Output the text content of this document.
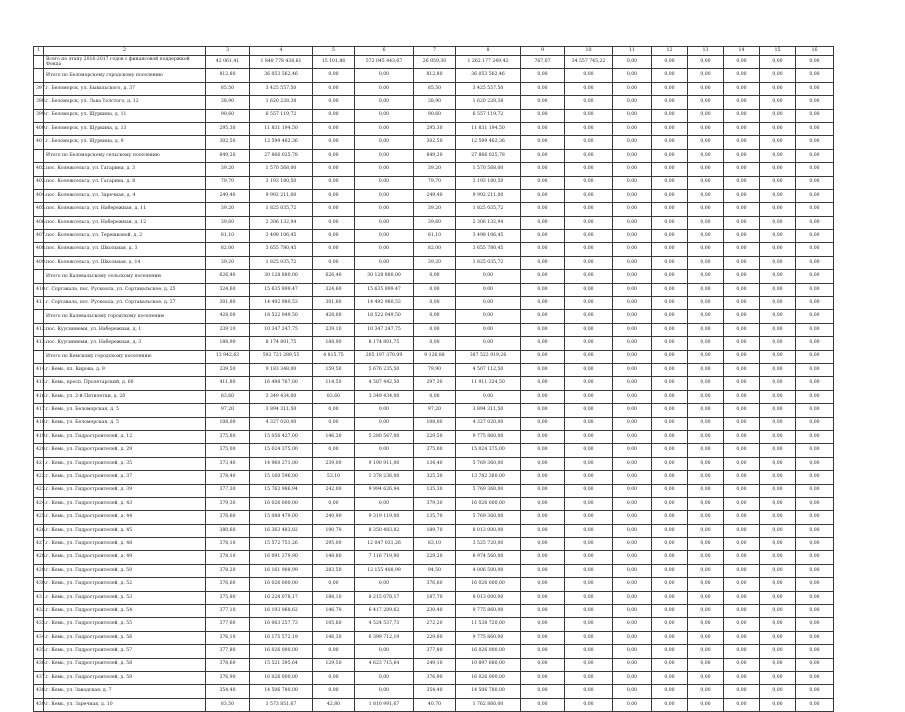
1	2	3	4	5	6	7	8	9	10	11	12	13	14	15	16
	Всего по этапу 2016-2017 годов с финансовой поддержкой Фонда	42 061,41	1 848 778 438,61	15 101,86	572 045 443,67	26 959,30	1 262 177 249,42	767,07	34 557 745,22	0,00	0,00	0,00	0,00	0,00	0,00
	Итого по Беломорскому городскому поселению	812,80	36 053 562,46	0,00	0,00	812,80	36 053 562,46	0,00	0,00	0,00	0,00	0,00	0,00	0,00	0,00
397.	г. Беломорск, ул. Бывальского, д. 37	85,50	3 425 557,50	0,00	0,00	85,50	3 425 557,50	0,00	0,00	0,00	0,00	0,00	0,00	0,00	0,00
398.	г. Беломорск, ул. Льва Толстого, д. 12	38,90	1 620 228,38	0,00	0,00	38,90	1 620 228,38	0,00	0,00	0,00	0,00	0,00	0,00	0,00	0,00
399.	г. Беломорск, ул. Щуркина, д. 11	90,60	6 557 119,72	0,00	0,00	90,60	6 557 119,72	0,00	0,00	0,00	0,00	0,00	0,00	0,00	0,00
400.	г. Беломорск, ул. Щуркина, д. 13	295,30	11 831 194,50	0,00	0,00	295,30	11 831 194,50	0,00	0,00	0,00	0,00	0,00	0,00	0,00	0,00
401.	г. Беломорск, ул. Щуркина, д. 9	302,50	12 599 462,36	0,00	0,00	302,50	12 599 462,36	0,00	0,00	0,00	0,00	0,00	0,00	0,00	0,00
	Итого по Беломорскому сельскому поселению	649,20	27 866 025,78	0,00	0,00	649,20	27 866 025,78	0,00	0,00	0,00	0,00	0,00	0,00	0,00	0,00
402.	пос. Колежсельга, ул. Гагарина, д. 3	39,20	1 570 568,00	0,00	0,00	39,20	1 570 568,00	0,00	0,00	0,00	0,00	0,00	0,00	0,00	0,00
403.	пос. Колежсельга, ул. Гагарина, д. 8	79,70	3 193 180,50	0,00	0,00	79,70	3 193 180,50	0,00	0,00	0,00	0,00	0,00	0,00	0,00	0,00
404.	пос. Колежсельга, ул. Заречная, д. 4	249,40	9 992 211,00	0,00	0,00	249,40	9 992 211,00	0,00	0,00	0,00	0,00	0,00	0,00	0,00	0,00
405.	пос. Колежсельга, ул. Набережная, д. 11	39,20	1 825 035,72	0,00	0,00	39,20	1 825 035,72	0,00	0,00	0,00	0,00	0,00	0,00	0,00	0,00
406.	пос. Колежсельга, ул. Набережная, д. 12	39,60	2 306 132,94	0,00	0,00	39,60	2 306 132,94	0,00	0,00	0,00	0,00	0,00	0,00	0,00	0,00
407.	пос. Колежсельга, ул. Терешковой, д. 2	81,10	3 498 106,45	0,00	0,00	81,10	3 498 106,45	0,00	0,00	0,00	0,00	0,00	0,00	0,00	0,00
408.	пос. Колежсельга, ул. Школьная, д. 3	82,00	3 655 780,45	0,00	0,00	82,00	3 655 780,45	0,00	0,00	0,00	0,00	0,00	0,00	0,00	0,00
409.	пос. Колежсельга, ул. Школьная, д. 14	39,20	1 825 035,72	0,00	0,00	39,20	1 825 035,72	0,00	0,00	0,00	0,00	0,00	0,00	0,00	0,00
	Итого по Калевальскому сельскому поселению	626,40	30 128 880,00	626,40	30 128 880,00	0,00	0,00	0,00	0,00	0,00	0,00	0,00	0,00	0,00	0,00
410.	г. Сортавала, пос. Рускеала, ул. Сортавальское, д. 25	324,60	15 635 899,47	324,60	15 635 899,47	0,00	0,00	0,00	0,00	0,00	0,00	0,00	0,00	0,00	0,00
411.	г. Сортавала, пос. Рускеала, ул. Сортавальское, д. 27	301,80	14 492 980,53	301,80	14 492 980,53	0,00	0,00	0,00	0,00	0,00	0,00	0,00	0,00	0,00	0,00
	Итого по Калевальскому городскому поселению	428,00	18 522 049,50	428,00	18 522 049,50	0,00	0,00	0,00	0,00	0,00	0,00	0,00	0,00	0,00	0,00
412.	пос. Куусиниеми, ул. Набережная, д. 1	239,10	10 347 247,75	239,10	10 347 247,75	0,00	0,00	0,00	0,00	0,00	0,00	0,00	0,00	0,00	0,00
413.	пос. Куусиниеми, ул. Набережная, д. 3	188,90	8 174 801,75	188,90	8 174 801,75	0,00	0,00	0,00	0,00	0,00	0,00	0,00	0,00	0,00	0,00
	Итого по Кемскому городскому поселению	13 942,63	592 721 289,55	4 815,75	205 197 370,09	9 126,88	387 523 919,26	0,00	0,00	0,00	0,00	0,00	0,00	0,00	0,00
414.	г. Кемь, пл. Кирова, д. 9	239,50	9 183 348,00	159,50	5 676 235,50	79,90	4 507 112,50	0,00	0,00	0,00	0,00	0,00	0,00	0,00	0,00
415.	г. Кемь, просп. Пролетарский, д. 60	411,80	16 498 767,00	114,50	4 587 442,50	297,30	11 911 324,50	0,00	0,00	0,00	0,00	0,00	0,00	0,00	0,00
416.	г. Кемь, ул. 2-й Пятилетки, д. 20	83,60	3 349 434,00	83,60	3 349 434,00	0,00	0,00	0,00	0,00	0,00	0,00	0,00	0,00	0,00	0,00
417.	г. Кемь, ул. Беломорская, д. 5	97,20	3 894 311,50	0,00	0,00	97,20	3 894 311,50	0,00	0,00	0,00	0,00	0,00	0,00	0,00	0,00
418.	г. Кемь, ул. Беломорская, д. 5	108,00	4 327 020,00	0,00	0,00	108,00	4 327 020,00	0,00	0,00	0,00	0,00	0,00	0,00	0,00	0,00
419.	г. Кемь, ул. Гидростроителей, д. 12	375,80	15 056 427,00	146,30	5 280 567,00	229,50	9 775 860,00	0,00	0,00	0,00	0,00	0,00	0,00	0,00	0,00
420.	г. Кемь, ул. Гидростроителей, д. 29	375,00	15 024 375,00	0,00	0,00	375,00	15 024 375,00	0,00	0,00	0,00	0,00	0,00	0,00	0,00	0,00
421.	г. Кемь, ул. Гидростроителей, д. 35	373,40	14 960 271,00	239,00	9 190 911,00	134,40	5 769 360,00	0,00	0,00	0,00	0,00	0,00	0,00	0,00	0,00
422.	г. Кемь, ул. Гидростроителей, д. 37	378,40	15 160 596,00	53,10	1 378 236,00	325,30	13 782 360,00	0,00	0,00	0,00	0,00	0,00	0,00	0,00	0,00
423.	г. Кемь, ул. Гидростроителей, д. 39	377,30	15 763 986,94	242,00	9 994 626,94	135,30	5 769 360,00	0,00	0,00	0,00	0,00	0,00	0,00	0,00	0,00
424.	г. Кемь, ул. Гидростроителей, д. 43	379,30	16 026 000,00	0,00	0,00	379,30	16 026 000,00	0,00	0,00	0,00	0,00	0,00	0,00	0,00	0,00
425.	г. Кемь, ул. Гидростроителей, д. 44	376,60	15 088 479,00	240,90	9 319 119,00	135,70	5 769 360,00	0,00	0,00	0,00	0,00	0,00	0,00	0,00	0,00
426.	г. Кемь, ул. Гидростроителей, д. 45	380,60	16 363 483,82	190,70	8 350 483,82	189,70	8 013 000,00	0,00	0,00	0,00	0,00	0,00	0,00	0,00	0,00
427.	г. Кемь, ул. Гидростроителей, д. 48	378,10	15 572 751,26	295,00	12 047 031,26	83,10	3 525 720,00	0,00	0,00	0,00	0,00	0,00	0,00	0,00	0,00
428.	г. Кемь, ул. Гидростроителей, д. 49	378,10	16 091 279,90	148,80	7 116 719,90	229,20	8 974 560,00	0,00	0,00	0,00	0,00	0,00	0,00	0,00	0,00
429.	г. Кемь, ул. Гидростроителей, д. 50	378,20	16 161 908,99	283,50	12 155 408,99	94,50	4 006 500,00	0,00	0,00	0,00	0,00	0,00	0,00	0,00	0,00
430.	г. Кемь, ул. Гидростроителей, д. 52	376,60	16 026 000,00	0,00	0,00	376,60	16 026 000,00	0,00	0,00	0,00	0,00	0,00	0,00	0,00	0,00
431.	г. Кемь, ул. Гидростроителей, д. 53	375,80	16 228 078,17	188,10	8 215 078,17	187,70	8 013 000,00	0,00	0,00	0,00	0,00	0,00	0,00	0,00	0,00
432.	г. Кемь, ул. Гидростроителей, д. 54	377,10	16 193 068,62	146,70	6 417 209,62	230,40	9 775 860,00	0,00	0,00	0,00	0,00	0,00	0,00	0,00	0,00
433.	г. Кемь, ул. Гидростроителей, д. 55	377,60	16 063 257,73	105,60	4 524 537,73	272,20	11 538 720,00	0,00	0,00	0,00	0,00	0,00	0,00	0,00	0,00
434.	г. Кемь, ул. Гидростроителей, д. 56	376,10	16 175 572,19	146,30	6 399 712,19	229,80	9 775 860,00	0,00	0,00	0,00	0,00	0,00	0,00	0,00	0,00
435.	г. Кемь, ул. Гидростроителей, д. 57	377,80	16 026 000,00	0,00	0,00	377,80	16 026 000,00	0,00	0,00	0,00	0,00	0,00	0,00	0,00	0,00
436.	г. Кемь, ул. Гидростроителей, д. 58	378,60	15 521 395,64	129,50	4 623 715,64	249,10	10 897 680,00	0,00	0,00	0,00	0,00	0,00	0,00	0,00	0,00
437.	г. Кемь, ул. Гидростроителей, д. 59	376,90	16 026 000,00	0,00	0,00	376,90	16 026 000,00	0,00	0,00	0,00	0,00	0,00	0,00	0,00	0,00
438.	г. Кемь, ул. Заводская, д. 7	354,40	14 506 780,00	0,00	0,00	354,40	14 506 780,00	0,00	0,00	0,00	0,00	0,00	0,00	0,00	0,00
439.	г. Кемь, ул. Заречная, д. 10	83,50	3 573 851,67	42,80	1 810 991,67	40,70	1 762 860,00	0,00	0,00	0,00	0,00	0,00	0,00	0,00	0,00
